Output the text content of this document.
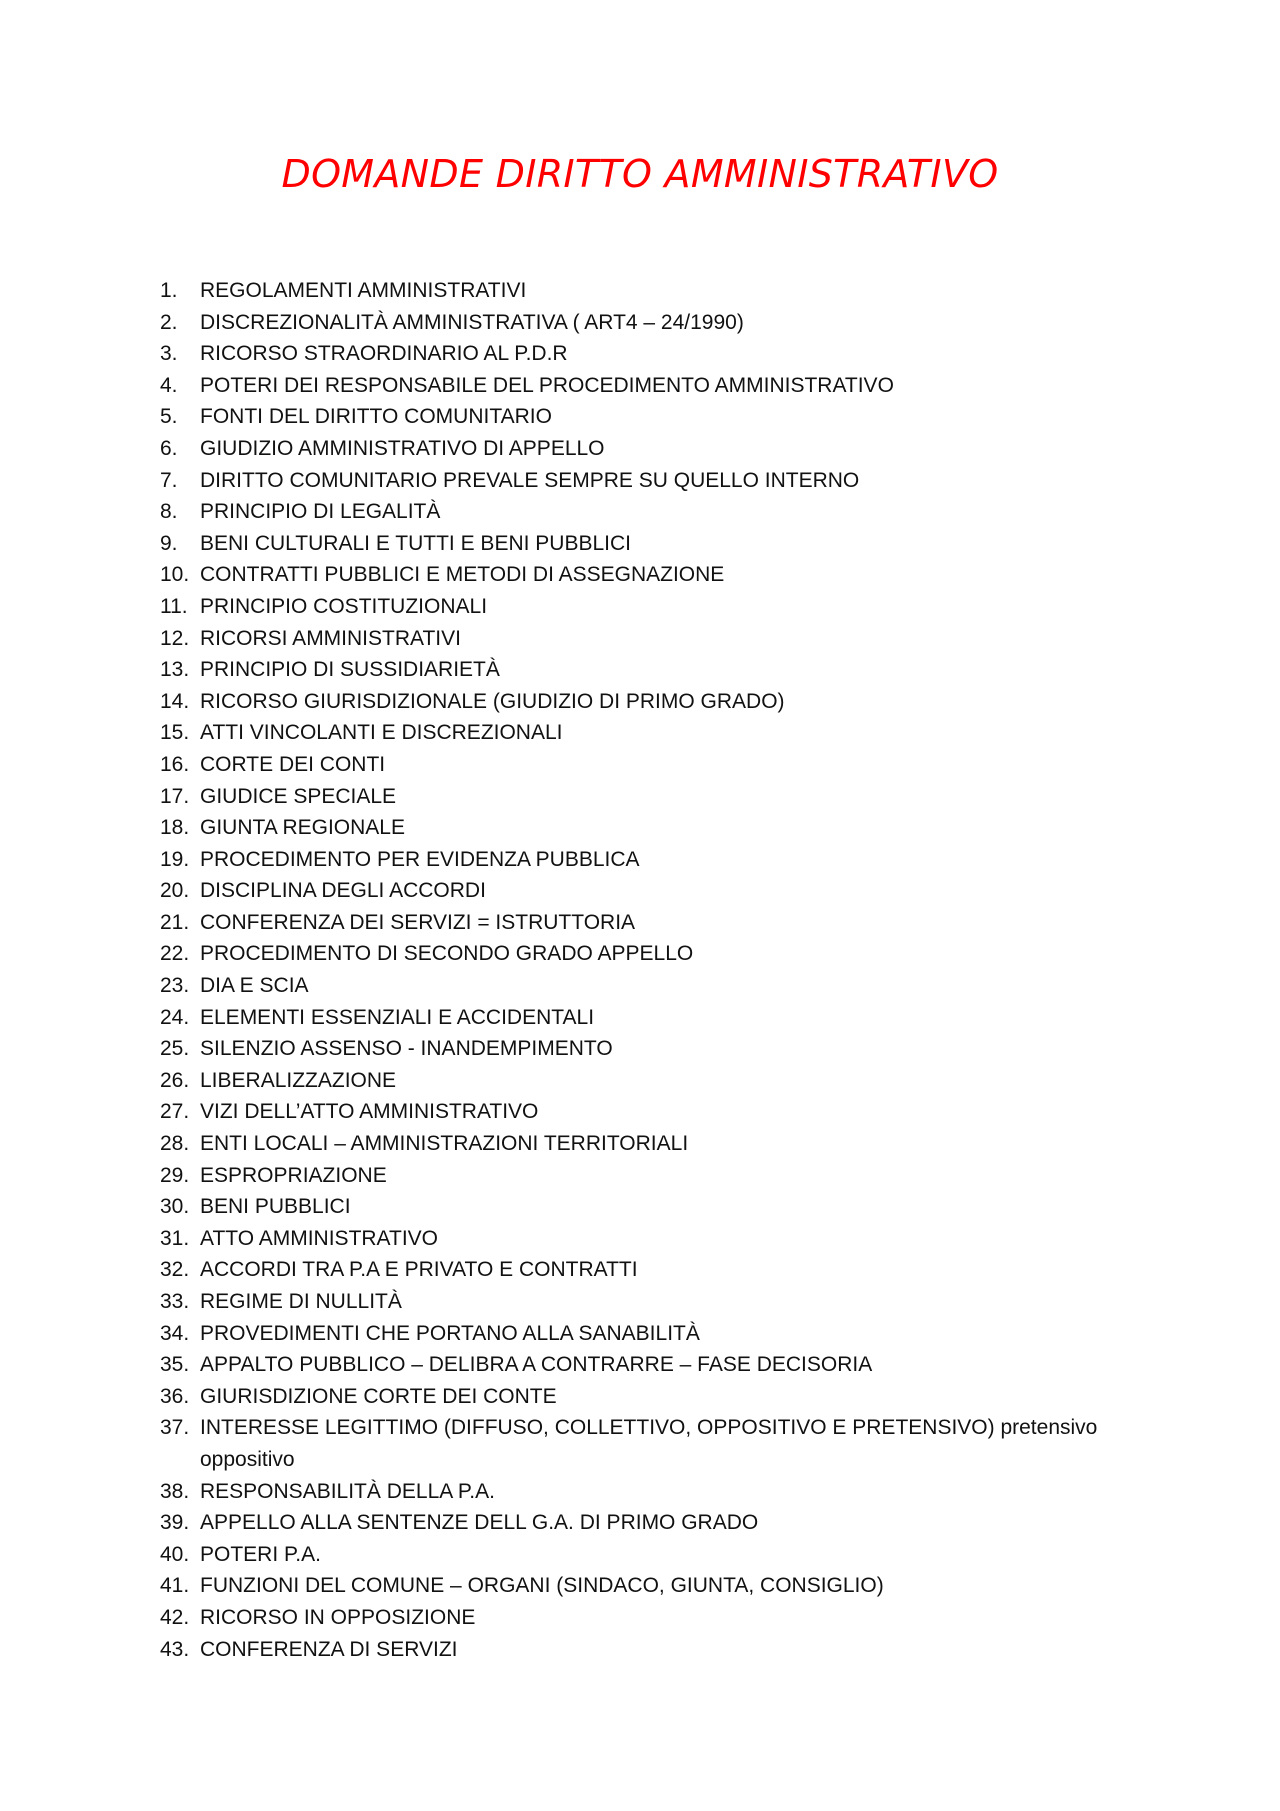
DOMANDE DIRITTO AMMINISTRATIVO
1.	REGOLAMENTI AMMINISTRATIVI
2.	DISCREZIONALITÀ AMMINISTRATIVA ( ART4 – 24/1990)
3.	RICORSO STRAORDINARIO AL P.D.R
4.	POTERI DEI RESPONSABILE DEL PROCEDIMENTO AMMINISTRATIVO
5.	FONTI DEL DIRITTO COMUNITARIO
6.	GIUDIZIO AMMINISTRATIVO DI APPELLO
7.	DIRITTO COMUNITARIO PREVALE SEMPRE SU QUELLO INTERNO
8.	PRINCIPIO DI LEGALITÀ
9.	BENI CULTURALI E TUTTI E BENI PUBBLICI
10. CONTRATTI PUBBLICI E METODI DI ASSEGNAZIONE
11. PRINCIPIO COSTITUZIONALI
12. RICORSI AMMINISTRATIVI
13. PRINCIPIO DI SUSSIDIARIETÀ
14. RICORSO GIURISDIZIONALE (GIUDIZIO DI PRIMO GRADO)
15. ATTI VINCOLANTI E DISCREZIONALI
16. CORTE DEI CONTI
17. GIUDICE SPECIALE
18. GIUNTA REGIONALE
19. PROCEDIMENTO PER EVIDENZA PUBBLICA
20. DISCIPLINA DEGLI ACCORDI
21. CONFERENZA DEI SERVIZI = ISTRUTTORIA
22. PROCEDIMENTO DI SECONDO GRADO APPELLO
23. DIA E SCIA
24. ELEMENTI ESSENZIALI E ACCIDENTALI
25. SILENZIO ASSENSO - INANDEMPIMENTO
26. LIBERALIZZAZIONE
27. VIZI DELL’ATTO AMMINISTRATIVO
28. ENTI LOCALI – AMMINISTRAZIONI TERRITORIALI
29. ESPROPRIAZIONE
30. BENI PUBBLICI
31. ATTO AMMINISTRATIVO
32. ACCORDI TRA P.A E PRIVATO E CONTRATTI
33. REGIME DI NULLITÀ
34. PROVEDIMENTI CHE PORTANO ALLA SANABILITÀ
35. APPALTO PUBBLICO – DELIBRA A CONTRARRE – FASE DECISORIA
36. GIURISDIZIONE CORTE DEI CONTE
37. INTERESSE LEGITTIMO (DIFFUSO, COLLETTIVO, OPPOSITIVO E PRETENSIVO) pretensivo oppositivo
38. RESPONSABILITÀ DELLA P.A.
39. APPELLO ALLA SENTENZE DELL G.A. DI PRIMO GRADO
40. POTERI P.A.
41. FUNZIONI DEL COMUNE – ORGANI (SINDACO, GIUNTA, CONSIGLIO)
42. RICORSO IN OPPOSIZIONE
43. CONFERENZA DI SERVIZI
